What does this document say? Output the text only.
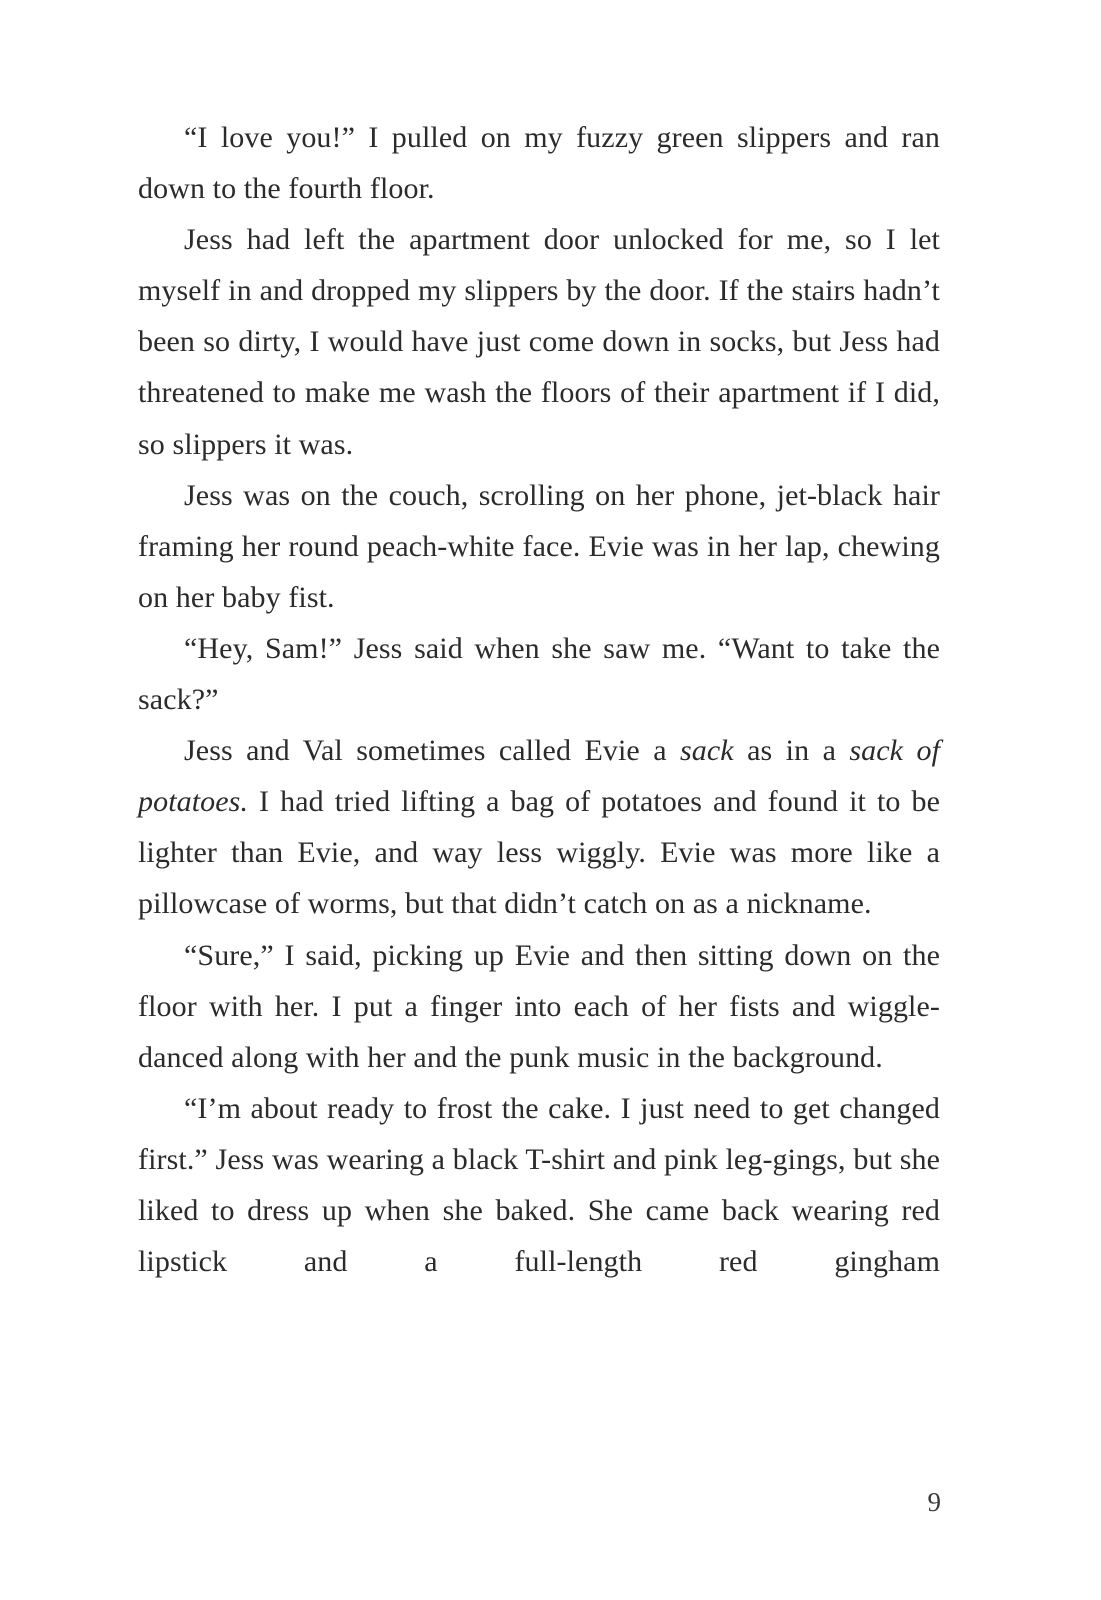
“I love you!” I pulled on my fuzzy green slippers and ran down to the fourth floor.

Jess had left the apartment door unlocked for me, so I let myself in and dropped my slippers by the door. If the stairs hadn’t been so dirty, I would have just come down in socks, but Jess had threatened to make me wash the floors of their apartment if I did, so slippers it was.

Jess was on the couch, scrolling on her phone, jet-black hair framing her round peach-white face. Evie was in her lap, chewing on her baby fist.

“Hey, Sam!” Jess said when she saw me. “Want to take the sack?”

Jess and Val sometimes called Evie a sack as in a sack of potatoes. I had tried lifting a bag of potatoes and found it to be lighter than Evie, and way less wiggly. Evie was more like a pillowcase of worms, but that didn’t catch on as a nickname.

“Sure,” I said, picking up Evie and then sitting down on the floor with her. I put a finger into each of her fists and wiggle-danced along with her and the punk music in the background.

“I’m about ready to frost the cake. I just need to get changed first.” Jess was wearing a black T-shirt and pink leg-gings, but she liked to dress up when she baked. She came back wearing red lipstick and a full-length red gingham

9
